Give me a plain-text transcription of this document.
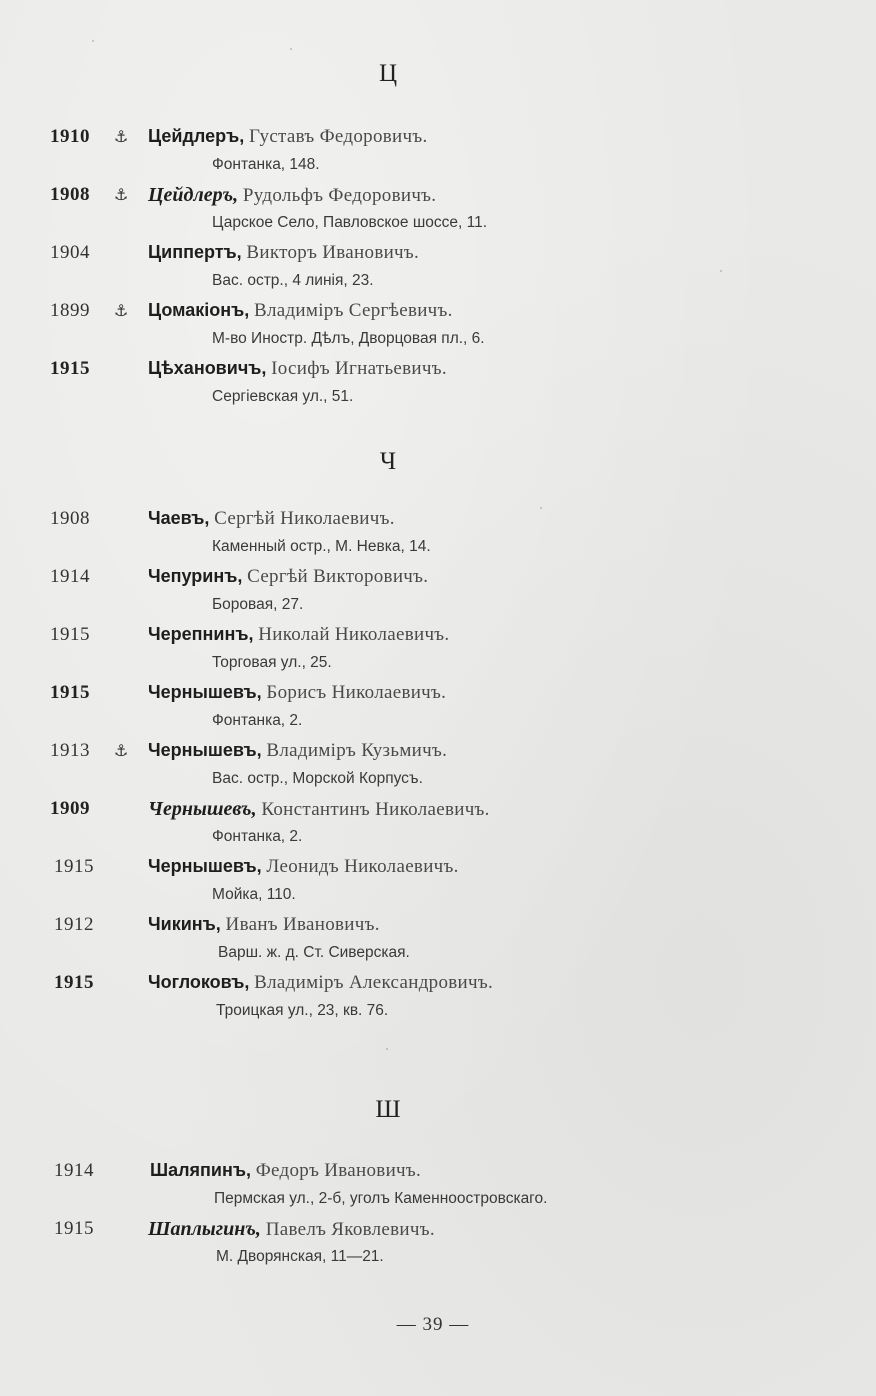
Ц
1910 ⚓ Цейдлеръ, Густавъ Федоровичъ.
Фонтанка, 148.
1908 ⚓ Цейдлеръ, Рудольфъ Федоровичъ.
Царское Село, Павловское шоссе, 11.
1904	Циппертъ, Викторъ Ивановичъ.
Вас. остр., 4 линія, 23.
1899 ⚓ Цомакіонъ, Владиміръ Сергѣевичъ.
М-во Иностр. Дѣлъ, Дворцовая пл., 6.
1915	Цѣхановичъ, Іосифъ Игнатьевичъ.
Сергіевская ул., 51.
Ч
1908	Чаевъ, Сергѣй Николаевичъ.
Каменный остр., М. Невка, 14.
1914	Чепуринъ, Сергѣй Викторовичъ.
Боровая, 27.
1915	Черепнинъ, Николай Николаевичъ.
Торговая ул., 25.
1915	Чернышевъ, Борисъ Николаевичъ.
Фонтанка, 2.
1913 ⚓ Чернышевъ, Владиміръ Кузьмичъ.
Вас. остр., Морской Корпусъ.
1909	Чернышевъ, Константинъ Николаевичъ.
Фонтанка, 2.
1915	Чернышевъ, Леонидъ Николаевичъ.
Мойка, 110.
1912	Чикинъ, Иванъ Ивановичъ.
Варш. ж. д. Ст. Сиверская.
1915	Чоглоковъ, Владиміръ Александровичъ.
Троицкая ул., 23, кв. 76.
Ш
1914	Шаляпинъ, Федоръ Ивановичъ.
Пермская ул., 2-б, уголъ Каменноостровскаго.
1915	Шаплыгинъ, Павелъ Яковлевичъ.
М. Дворянская, 11—21.
— 39 —
